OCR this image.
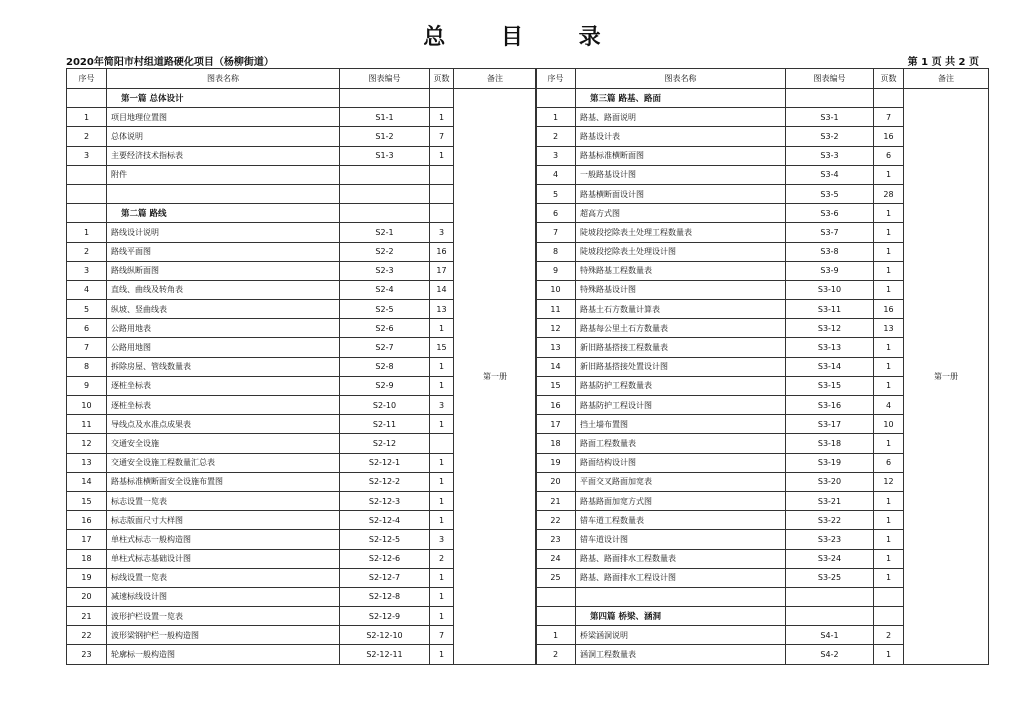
总	目	录
2020年简阳市村组道路硬化项目（杨柳街道）	第 1 页 共 2 页
序号	图表名称	图表编号	页数	备注
	第一篇 总体设计			第一册
1	项目地理位置图	S1-1	1	
2	总体说明	S1-2	7	
3	主要经济技术指标表	S1-3	1	
	附件			

	第二篇 路线			
1	路线设计说明	S2-1	3	
2	路线平面图	S2-2	16	
3	路线纵断面图	S2-3	17	
4	直线、曲线及转角表	S2-4	14	
5	纵坡、竖曲线表	S2-5	13	
6	公路用地表	S2-6	1	
7	公路用地图	S2-7	15	
8	拆除房屋、管线数量表	S2-8	1	
9	逐桩坐标表	S2-9	1	
10	逐桩坐标表	S2-10	3	
11	导线点及水准点成果表	S2-11	1	
12	交通安全设施	S2-12		
13	交通安全设施工程数量汇总表	S2-12-1	1	
14	路基标准横断面安全设施布置图	S2-12-2	1	
15	标志设置一览表	S2-12-3	1	
16	标志版面尺寸大样图	S2-12-4	1	
17	单柱式标志一般构造图	S2-12-5	3	
18	单柱式标志基础设计图	S2-12-6	2	
19	标线设置一览表	S2-12-7	1	
20	减速标线设计图	S2-12-8	1	
21	波形护栏设置一览表	S2-12-9	1	
22	波形梁钢护栏一般构造图	S2-12-10	7	
23	轮廓标一般构造图	S2-12-11	1	
序号	图表名称	图表编号	页数	备注
	第三篇 路基、路面			第一册
1	路基、路面说明	S3-1	7	
2	路基设计表	S3-2	16	
3	路基标准横断面图	S3-3	6	
4	一般路基设计图	S3-4	1	
5	路基横断面设计图	S3-5	28	
6	超高方式图	S3-6	1	
7	陡坡段挖除表土处理工程数量表	S3-7	1	
8	陡坡段挖除表土处理设计图	S3-8	1	
9	特殊路基工程数量表	S3-9	1	
10	特殊路基设计图	S3-10	1	
11	路基土石方数量计算表	S3-11	16	
12	路基每公里土石方数量表	S3-12	13	
13	新旧路基搭接工程数量表	S3-13	1	
14	新旧路基搭接处置设计图	S3-14	1	
15	路基防护工程数量表	S3-15	1	
16	路基防护工程设计图	S3-16	4	
17	挡土墙布置图	S3-17	10	
18	路面工程数量表	S3-18	1	
19	路面结构设计图	S3-19	6	
20	平面交叉路面加宽表	S3-20	12	
21	路基路面加宽方式图	S3-21	1	
22	错车道工程数量表	S3-22	1	
23	错车道设计图	S3-23	1	
24	路基、路面排水工程数量表	S3-24	1	
25	路基、路面排水工程设计图	S3-25	1	

	第四篇 桥梁、涵洞			
1	桥梁涵洞说明	S4-1	2	
2	涵洞工程数量表	S4-2	1	
